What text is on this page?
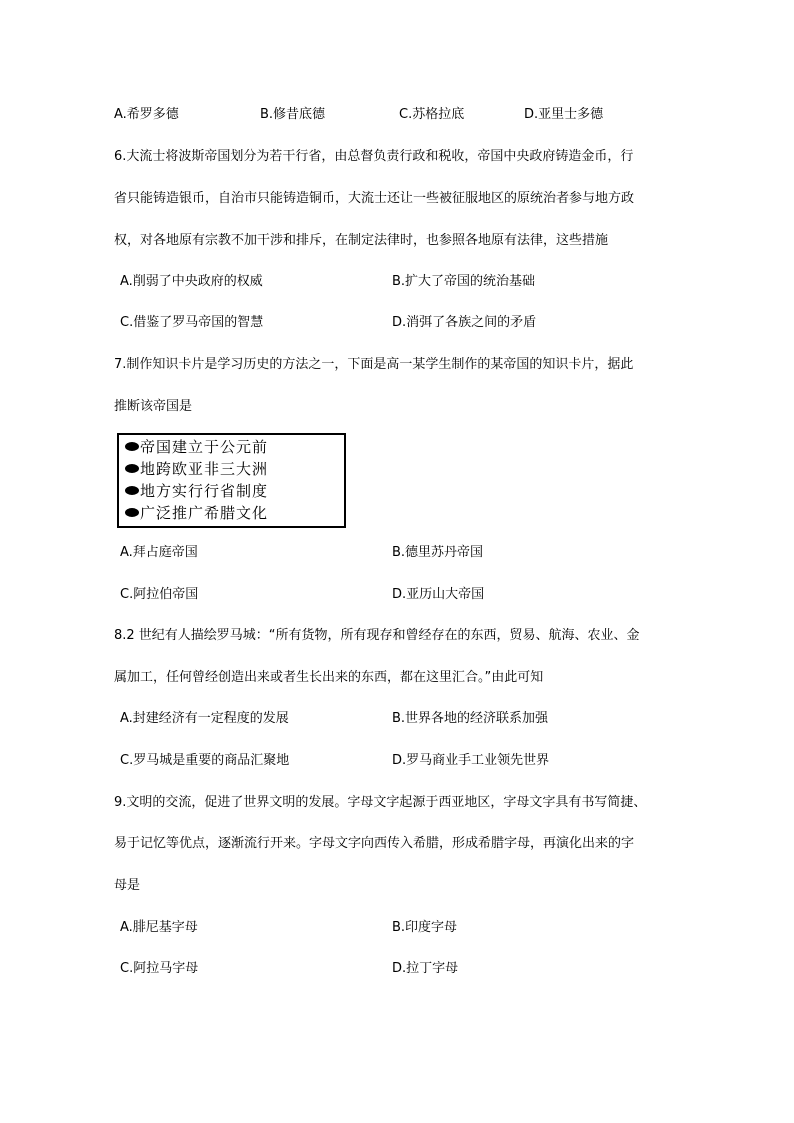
A.希罗多德	B.修昔底德	C.苏格拉底	D.亚里士多德
6.大流士将波斯帝国划分为若干行省，由总督负责行政和税收，帝国中央政府铸造金币，行
省只能铸造银币，自治市只能铸造铜币，大流士还让一些被征服地区的原统治者参与地方政
权，对各地原有宗教不加干涉和排斥，在制定法律时，也参照各地原有法律，这些措施
A.削弱了中央政府的权威	B.扩大了帝国的统治基础
C.借鉴了罗马帝国的智慧	D.消弭了各族之间的矛盾
7.制作知识卡片是学习历史的方法之一，下面是高一某学生制作的某帝国的知识卡片，据此
推断该帝国是
帝国建立于公元前
地跨欧亚非三大洲
地方实行行省制度
广泛推广希腊文化
A.拜占庭帝国	B.德里苏丹帝国
C.阿拉伯帝国	D.亚历山大帝国
8.2 世纪有人描绘罗马城：“所有货物，所有现存和曾经存在的东西，贸易、航海、农业、金
属加工，任何曾经创造出来或者生长出来的东西，都在这里汇合。”由此可知
A.封建经济有一定程度的发展	B.世界各地的经济联系加强
C.罗马城是重要的商品汇聚地	D.罗马商业手工业领先世界
9.文明的交流，促进了世界文明的发展。字母文字起源于西亚地区，字母文字具有书写简捷、
易于记忆等优点，逐渐流行开来。字母文字向西传入希腊，形成希腊字母，再演化出来的字
母是
A.腓尼基字母	B.印度字母
C.阿拉马字母	D.拉丁字母
